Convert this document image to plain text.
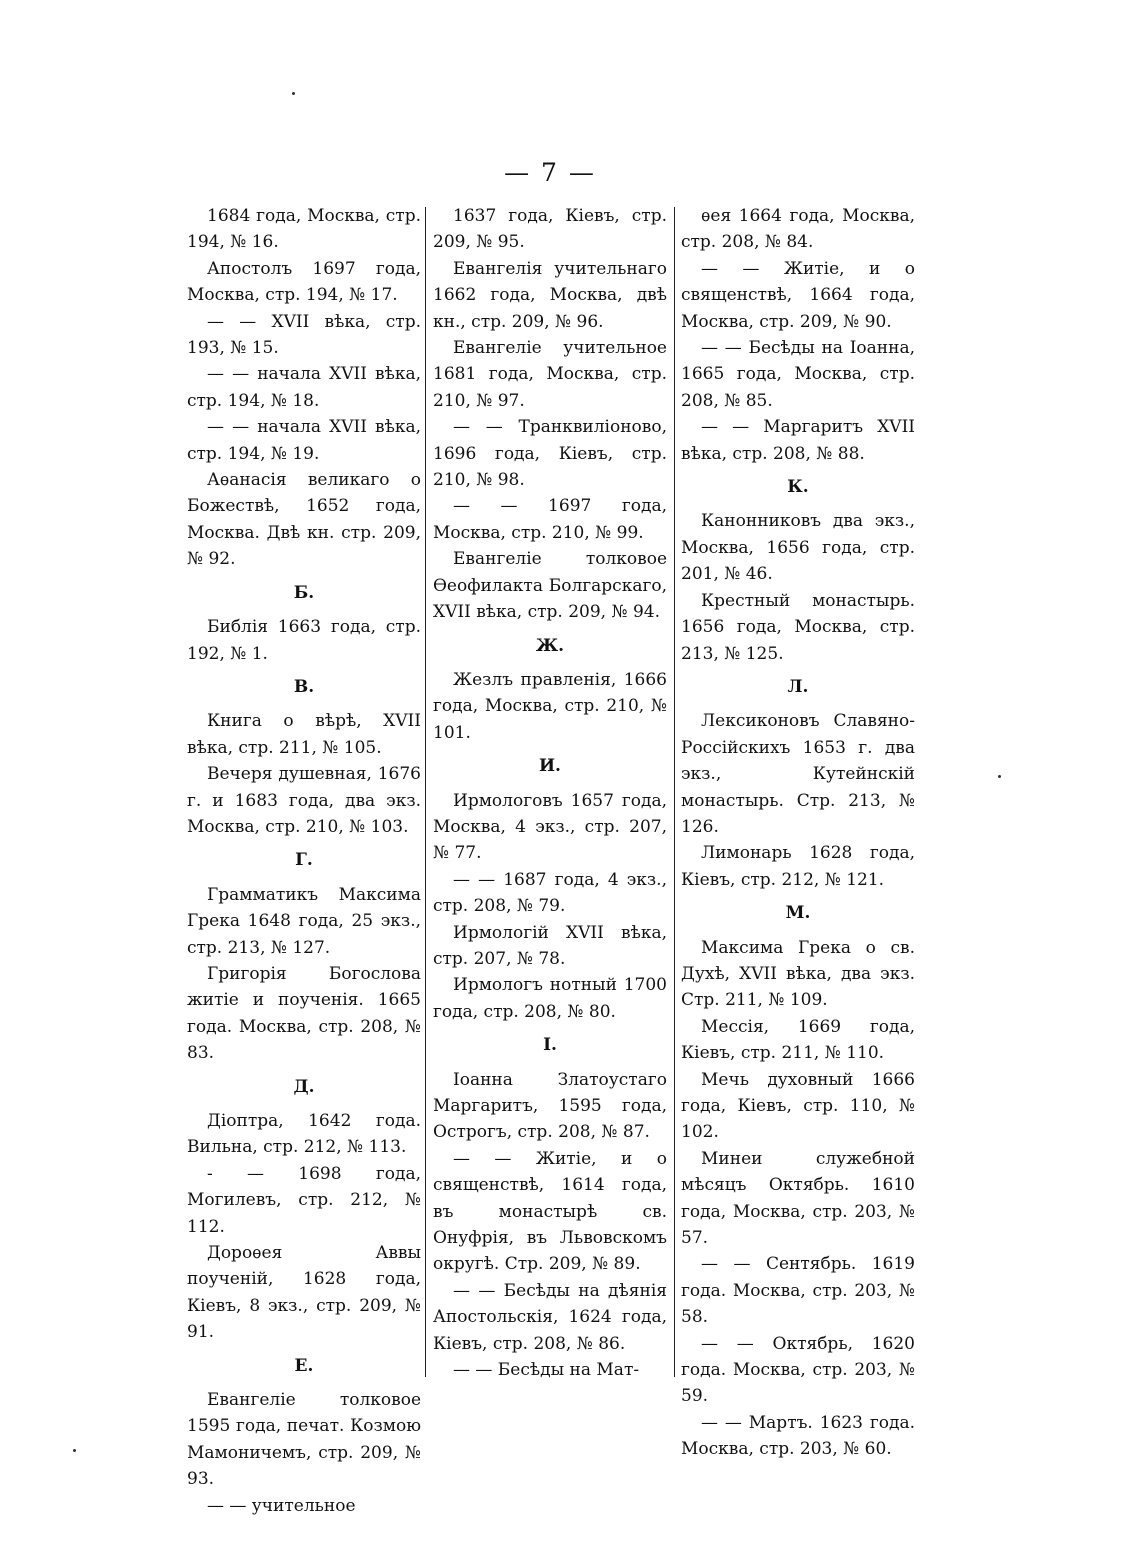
— 7 —

1684 года, Москва, стр. 194, № 16.

Апостолъ 1697 года, Москва, стр. 194, № 17.

— — XVII вѣка, стр. 193, № 15.

— — начала XVII вѣка, стр. 194, № 18.

— — начала XVII вѣка, стр. 194, № 19.

Аѳанасія великаго о Божествѣ, 1652 года, Москва. Двѣ кн. стр. 209, № 92.

Б.

Библія 1663 года, стр. 192, № 1.

В.

Книга о вѣрѣ, XVII вѣка, стр. 211, № 105.

Вечеря душевная, 1676 г. и 1683 года, два экз. Москва, стр. 210, № 103.

Г.

Грамматикъ Максима Грека 1648 года, 25 экз., стр. 213, № 127.

Григорія Богослова житіе и поученія. 1665 года. Москва, стр. 208, № 83.

Д.

Діоптра, 1642 года. Вильна, стр. 212, № 113.

- — 1698 года, Могилевъ, стр. 212, № 112.

Дороѳея Аввы поученій, 1628 года, Кіевъ, 8 экз., стр. 209, № 91.

Е.

Евангеліе толковое 1595 года, печат. Козмою Мамоничемъ, стр. 209, № 93.

— — учительное

1637 года, Кіевъ, стр. 209, № 95.

Евангелія учительнаго 1662 года, Москва, двѣ кн., стр. 209, № 96.

Евангеліе учительное 1681 года, Москва, стр. 210, № 97.

— — Транквиліоново, 1696 года, Кіевъ, стр. 210, № 98.

— — 1697 года, Москва, стр. 210, № 99.

Евангеліе толковое Ѳеофилакта Болгарскаго, XVII вѣка, стр. 209, № 94.

Ж.

Жезлъ правленія, 1666 года, Москва, стр. 210, № 101.

И.

Ирмологовъ 1657 года, Москва, 4 экз., стр. 207, № 77.

— — 1687 года, 4 экз., стр. 208, № 79.

Ирмологій XVII вѣка, стр. 207, № 78.

Ирмологъ нотный 1700 года, стр. 208, № 80.

I.

Іоанна Златоустаго Маргаритъ, 1595 года, Острогъ, стр. 208, № 87.

— — Житіе, и о священствѣ, 1614 года, въ монастырѣ св. Онуфрія, въ Львовскомъ округѣ. Стр. 209, № 89.

— — Бесѣды на дѣянія Апостольскія, 1624 года, Кіевъ, стр. 208, № 86.

— — Бесѣды на Мат-

ѳея 1664 года, Москва, стр. 208, № 84.

— — Житіе, и о священствѣ, 1664 года, Москва, стр. 209, № 90.

— — Бесѣды на Іоанна, 1665 года, Москва, стр. 208, № 85.

— — Маргаритъ XVII вѣка, стр. 208, № 88.

К.

Канонниковъ два экз., Москва, 1656 года, стр. 201, № 46.

Крестный монастырь. 1656 года, Москва, стр. 213, № 125.

Л.

Лексиконовъ Славяно-Россійскихъ 1653 г. два экз., Кутейнскій монастырь. Стр. 213, № 126.

Лимонарь 1628 года, Кіевъ, стр. 212, № 121.

М.

Максима Грека о св. Духѣ, XVII вѣка, два экз. Стр. 211, № 109.

Мессія, 1669 года, Кіевъ, стр. 211, № 110.

Мечь духовный 1666 года, Кіевъ, стр. 110, № 102.

Минеи служебной мѣсяцъ Октябрь. 1610 года, Москва, стр. 203, № 57.

— — Сентябрь. 1619 года. Москва, стр. 203, № 58.

— — Октябрь, 1620 года. Москва, стр. 203, № 59.

— — Мартъ. 1623 года. Москва, стр. 203, № 60.
